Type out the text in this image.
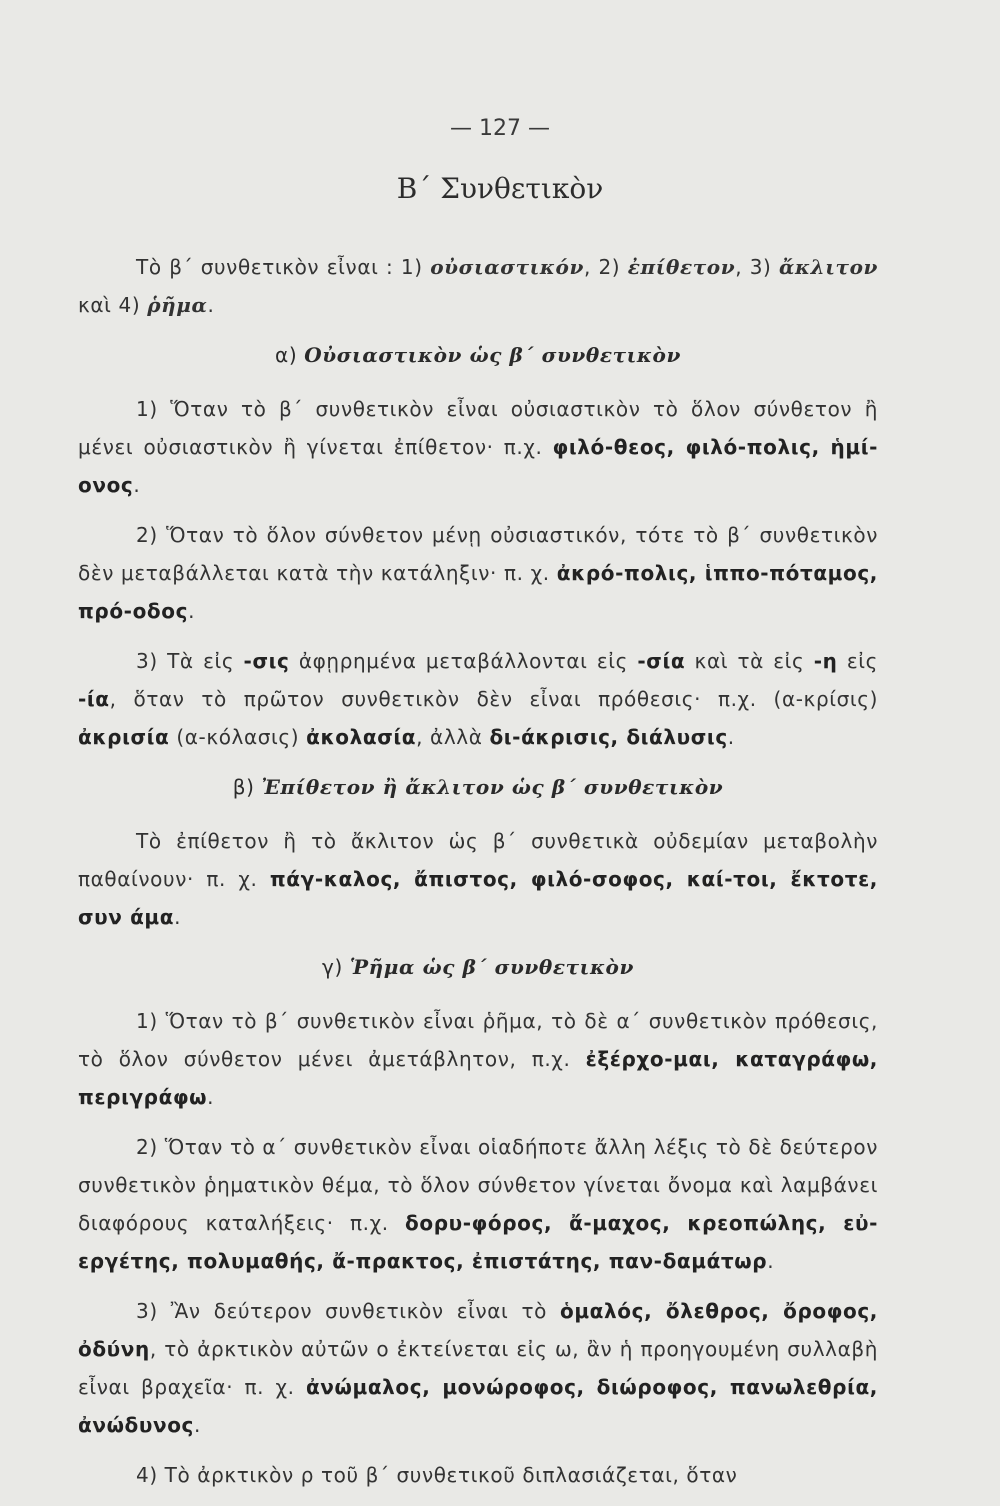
— 127 —
Β΄ Συνθετικὸν

Τὸ β΄ συνθετικὸν εἶναι : 1) οὐσιαστικόν, 2) ἐπίθετον, 3) ἄκλιτον καὶ 4) ῥῆμα.

α) Οὐσιαστικὸν ὡς β΄ συνθετικὸν

1) Ὅταν τὸ β΄ συνθετικὸν εἶναι οὐσιαστικὸν τὸ ὅλον σύνθετον ἢ μένει οὐσιαστικὸν ἢ γίνεται ἐπίθετον· π.χ. φιλό-θεος, φιλό-πολις, ἡμί-ονος.

2) Ὅταν τὸ ὅλον σύνθετον μένῃ οὐσιαστικόν, τότε τὸ β΄ συνθετικὸν δὲν μεταβάλλεται κατὰ τὴν κατάληξιν· π. χ. ἀκρό-πολις, ἱππο-πόταμος, πρό-οδος.

3) Τὰ εἰς -σις ἀφῃρημένα μεταβάλλονται εἰς -σία καὶ τὰ εἰς -η εἰς -ία, ὅταν τὸ πρῶτον συνθετικὸν δὲν εἶναι πρόθεσις· π.χ. (α-κρίσις) ἀκρισία (α-κόλασις) ἀκολασία, ἀλλὰ δι-άκρισις, διάλυσις.

β) Ἐπίθετον ἢ ἄκλιτον ὡς β΄ συνθετικὸν

Τὸ ἐπίθετον ἢ τὸ ἄκλιτον ὡς β΄ συνθετικὰ οὐδεμίαν μεταβολὴν παθαίνουν· π. χ. πάγ-καλος, ἄπιστος, φιλό-σοφος, καί-τοι, ἔκτοτε, συν άμα.

γ) Ῥῆμα ὡς β΄ συνθετικὸν

1) Ὅταν τὸ β΄ συνθετικὸν εἶναι ῥῆμα, τὸ δὲ α΄ συνθετικὸν πρόθεσις, τὸ ὅλον σύνθετον μένει ἀμετάβλητον, π.χ. ἐξέρχο-μαι, καταγράφω, περιγράφω.

2) Ὅταν τὸ α΄ συνθετικὸν εἶναι οἱαδήποτε ἄλλη λέξις τὸ δὲ δεύτερον συνθετικὸν ῥηματικὸν θέμα, τὸ ὅλον σύνθετον γίνεται ὄνομα καὶ λαμβάνει διαφόρους καταλήξεις· π.χ. δορυ-φόρος, ἄ-μαχος, κρεοπώλης, εὐ-εργέτης, πολυμαθής, ἄ-πρακτος, ἐπιστάτης, παν-δαμάτωρ.

3) Ἂν δεύτερον συνθετικὸν εἶναι τὸ ὁμαλός, ὄλεθρος, ὄροφος, ὀδύνη, τὸ ἀρκτικὸν αὐτῶν ο ἐκτείνεται εἰς ω, ἂν ἡ προηγουμένη συλλαβὴ εἶναι βραχεῖα· π. χ. ἀνώμαλος, μονώροφος, διώροφος, πανωλεθρία, ἀνώδυνος.

4) Τὸ ἀρκτικὸν ρ τοῦ β΄ συνθετικοῦ διπλασιάζεται, ὅταν
